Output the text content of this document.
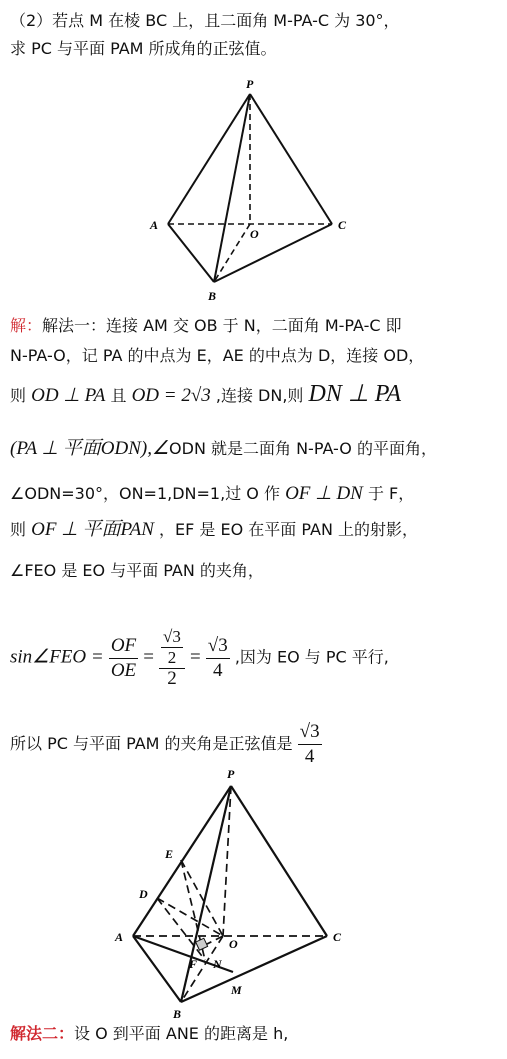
（2）若点 M 在棱 BC 上，且二面角 M-PA-C 为 30°，
求 PC 与平面 PAM 所成角的正弦值。
P
A
O
C
B
解：解法一：连接 AM 交 OB 于 N，二面角 M-PA-C 即
N-PA-O，记 PA 的中点为 E，AE 的中点为 D，连接 OD，
则 OD ⊥ PA 且 OD = 2√3 ,连接 DN,则 DN ⊥ PA
(PA ⊥ 平面ODN),∠ODN 就是二面角 N-PA-O 的平面角，
∠ODN=30°，ON=1,DN=1,过 O 作 OF ⊥ DN 于 F，
则 OF ⊥ 平面PAN ，EF 是 EO 在平面 PAN 上的射影，
∠FEO 是 EO 与平面 PAN 的夹角，
sin∠FEO = $\frac{OF}{OE} = \frac{\frac{√3}{2}}{2} = \frac{√3}{4}$ ,因为 EO 与 PC 平行,
所以 PC 与平面 PAM 的夹角是正弦值是 $\frac{√3}{4}$
P
E
D
A	O	C
F N
M
B
解法二：设 O 到平面 ANE 的距离是 h,
